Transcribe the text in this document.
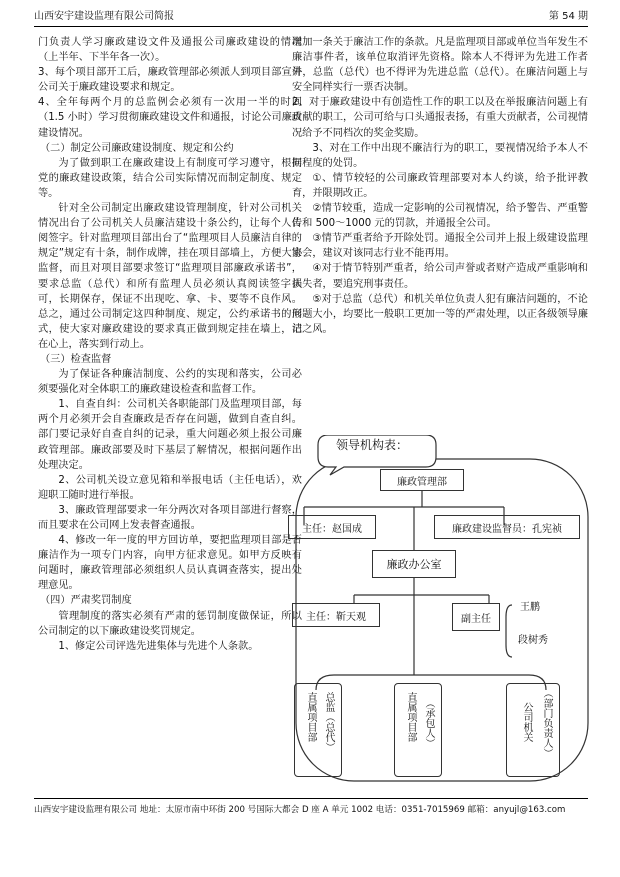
山西安宇建设监理有限公司简报	第 54 期

门负责人学习廉政建设文件及通报公司廉政建设的情况（上半年、下半年各一次）。

3、每个项目部开工后，廉政管理部必须派人到项目部宣讲公司关于廉政建设要求和规定。

4、全年每两个月的总监例会必须有一次用一半的时间（1.5 小时）学习贯彻廉政建设文件和通报，讨论公司廉政建设情况。

（二）制定公司廉政建设制度、规定和公约

为了做到职工在廉政建设上有制度可学习遵守，根据党的廉政建设政策，结合公司实际情况而制定制度、规定等。

针对全公司制定出廉政建设管理制度，针对公司机关情况出台了公司机关人员廉洁建设十条公约，让每个人传阅签字。针对监理项目部出台了“监理项目人员廉洁自律的规定”规定有十条，制作成牌，挂在项目部墙上，方便大家监督，而且对项目部要求签订“监理项目部廉政承诺书”，要求总监（总代）和所有监理人员必须认真阅读签字认可，长期保存，保证不出现吃、拿、卡、要等不良作风。总之，通过公司制定这四种制度、规定，公约承诺书的形式，使大家对廉政建设的要求真正做到规定挂在墙上，记在心上，落实到行动上。

（三）检查监督

为了保证各种廉洁制度、公约的实现和落实，公司必须要强化对全体职工的廉政建设检查和监督工作。

1、自查自纠：公司机关各职能部门及监理项目部，每两个月必须开会自查廉政是否存在问题，做到自查自纠。部门要记录好自查自纠的记录，重大问题必须上报公司廉政管理部。廉政部要及时下基层了解情况，根据问题作出处理决定。

2、公司机关设立意见箱和举报电话（主任电话），欢迎职工随时进行举报。

3、廉政管理部要求一年分两次对各项目部进行督察，而且要求在公司网上发表督查通报。

4、修改一年一度的甲方回访单，要把监理项目部是否廉洁作为一项专门内容，向甲方征求意见。如甲方反映有问题时，廉政管理部必须组织人员认真调查落实，提出处理意见。

（四）严肃奖罚制度

管理制度的落实必须有严肃的惩罚制度做保证，所以公司制定的以下廉政建设奖罚规定。

1、修定公司评选先进集体与先进个人条款。

增加一条关于廉洁工作的条款。凡是监理项目部或单位当年发生不廉洁事件者，该单位取消评先资格。除本人不得评为先进工作者外，总监（总代）也不得评为先进总监（总代）。在廉洁问题上与安全同样实行一票否决制。

2、对于廉政建设中有创造性工作的职工以及在举报廉洁问题上有贡献的职工，公司可给与口头通报表扬，有重大贡献者，公司视情况给予不同档次的奖金奖励。

3、对在工作中出现不廉洁行为的职工，要视情况给予本人不同程度的处罚。

①、情节较轻的公司廉政管理部要对本人约谈，给予批评教育，并限期改正。

②情节较重，造成一定影响的公司视情况，给予警告、严重警告和 500～1000 元的罚款，并通报全公司。

③情节严重者给予开除处罚。通报全公司并上报上级建设监理协会，建议对该同志行业不能再用。

④对于情节特别严重者，给公司声誉或者财产造成严重影响和损失者，要追究刑事责任。

⑤对于总监（总代）和机关单位负责人犯有廉洁问题的，不论问题大小，均要比一般职工更加一等的严肃处理，以正各级领导廉洁之风。

领导机构表：
廉政管理部
主任：赵国成	廉政建设监督员：孔宪祯
廉政办公室
主任：靳天观	副主任
王鹏
段树秀
总监（总代）
直属项目部	（承包人）
直属项目部	（部门负责人）
公司机关
山西安宇建设监理有限公司 地址：太原市南中环街 200 号国际大都会 D 座 A 单元 1002 电话：0351-7015969 邮箱：anyujl@163.com
